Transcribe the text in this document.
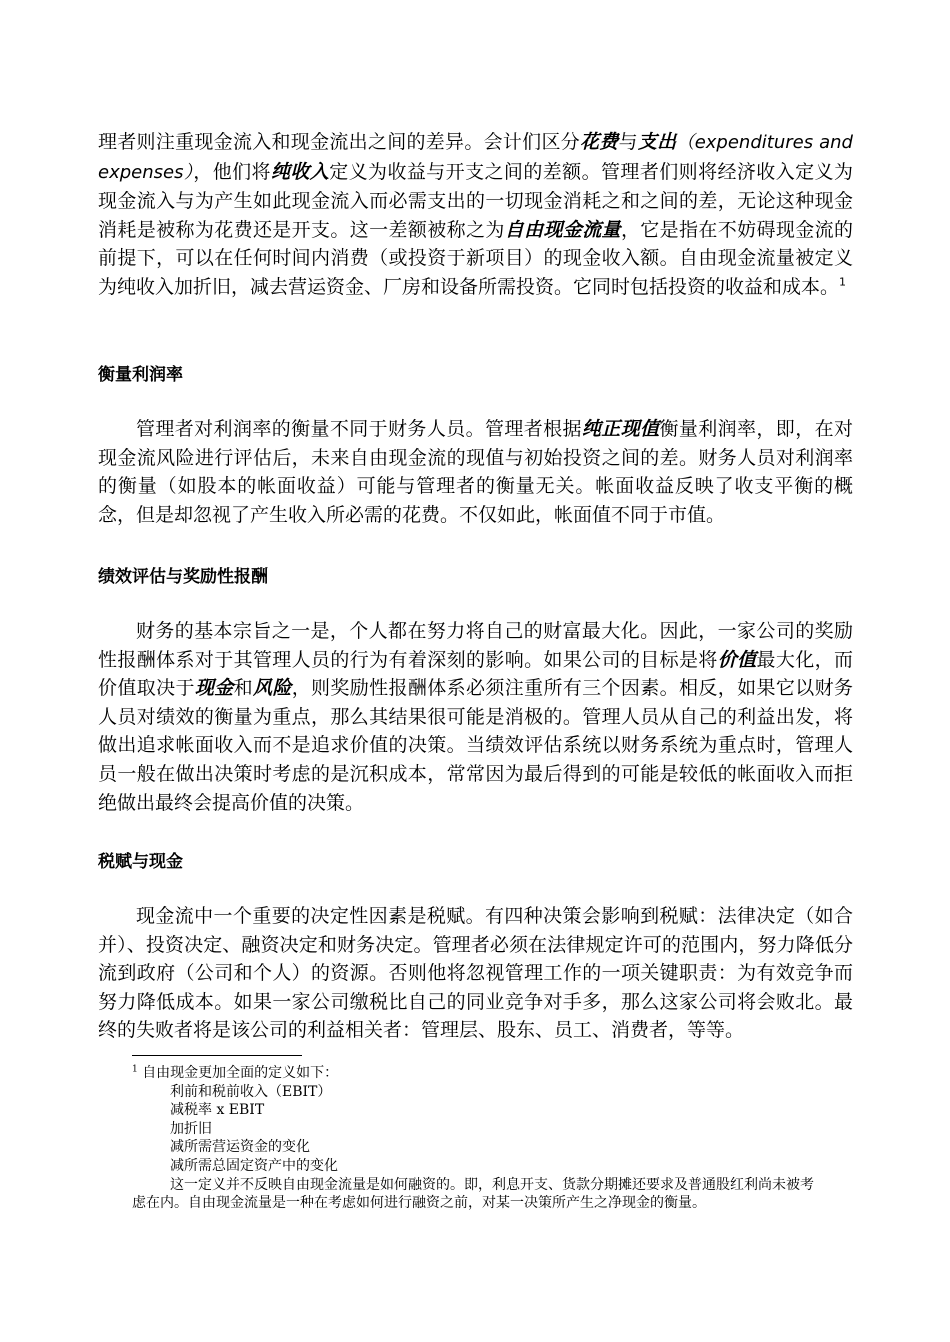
理者则注重现金流入和现金流出之间的差异。会计们区分花费与支出（expenditures and expenses），他们将纯收入定义为收益与开支之间的差额。管理者们则将经济收入定义为现金流入与为产生如此现金流入而必需支出的一切现金消耗之和之间的差，无论这种现金消耗是被称为花费还是开支。这一差额被称之为自由现金流量，它是指在不妨碍现金流的前提下，可以在任何时间内消费（或投资于新项目）的现金收入额。自由现金流量被定义为纯收入加折旧，减去营运资金、厂房和设备所需投资。它同时包括投资的收益和成本。$^1$

衡量利润率

管理者对利润率的衡量不同于财务人员。管理者根据纯正现值衡量利润率，即，在对现金流风险进行评估后，未来自由现金流的现值与初始投资之间的差。财务人员对利润率的衡量（如股本的帐面收益）可能与管理者的衡量无关。帐面收益反映了收支平衡的概念，但是却忽视了产生收入所必需的花费。不仅如此，帐面值不同于市值。

绩效评估与奖励性报酬

财务的基本宗旨之一是，个人都在努力将自己的财富最大化。因此，一家公司的奖励性报酬体系对于其管理人员的行为有着深刻的影响。如果公司的目标是将价值最大化，而价值取决于现金和风险，则奖励性报酬体系必须注重所有三个因素。相反，如果它以财务人员对绩效的衡量为重点，那么其结果很可能是消极的。管理人员从自己的利益出发，将做出追求帐面收入而不是追求价值的决策。当绩效评估系统以财务系统为重点时，管理人员一般在做出决策时考虑的是沉积成本，常常因为最后得到的可能是较低的帐面收入而拒绝做出最终会提高价值的决策。

税赋与现金

现金流中一个重要的决定性因素是税赋。有四种决策会影响到税赋：法律决定（如合并）、投资决定、融资决定和财务决定。管理者必须在法律规定许可的范围内，努力降低分流到政府（公司和个人）的资源。否则他将忽视管理工作的一项关键职责：为有效竞争而努力降低成本。如果一家公司缴税比自己的同业竞争对手多，那么这家公司将会败北。最终的失败者将是该公司的利益相关者：管理层、股东、员工、消费者，等等。

$^1$ 自由现金更加全面的定义如下：
利前和税前收入（EBIT）
减税率 x EBIT
加折旧
减所需营运资金的变化
减所需总固定资产中的变化
这一定义并不反映自由现金流量是如何融资的。即，利息开支、货款分期摊还要求及普通股红利尚未被考虑在内。自由现金流量是一种在考虑如何进行融资之前，对某一决策所产生之净现金的衡量。
